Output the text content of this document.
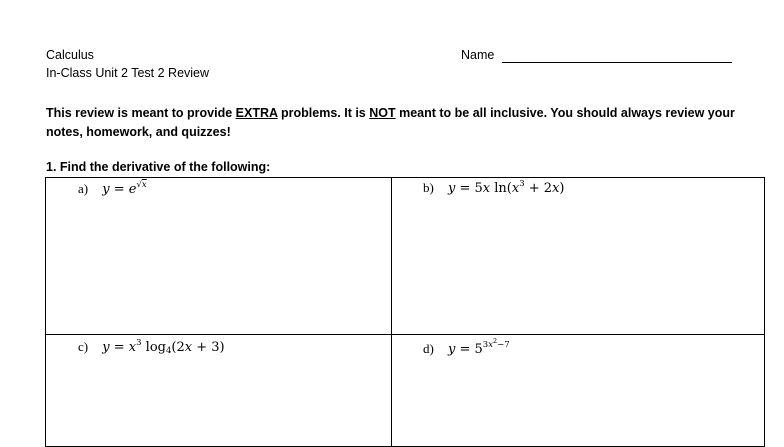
Calculus
In-Class Unit 2 Test 2 Review
Name
This review is meant to provide EXTRA problems. It is NOT meant to be all inclusive. You should always review your notes, homework, and quizzes!
1. Find the derivative of the following:
a) $y = e^{√x}$	b) y = 5x $\ln(x^3 + 2x)$
c) $y = x^3$ $\log_4(2x + 3)$	d) $y = 5^{3x^2-7}$
